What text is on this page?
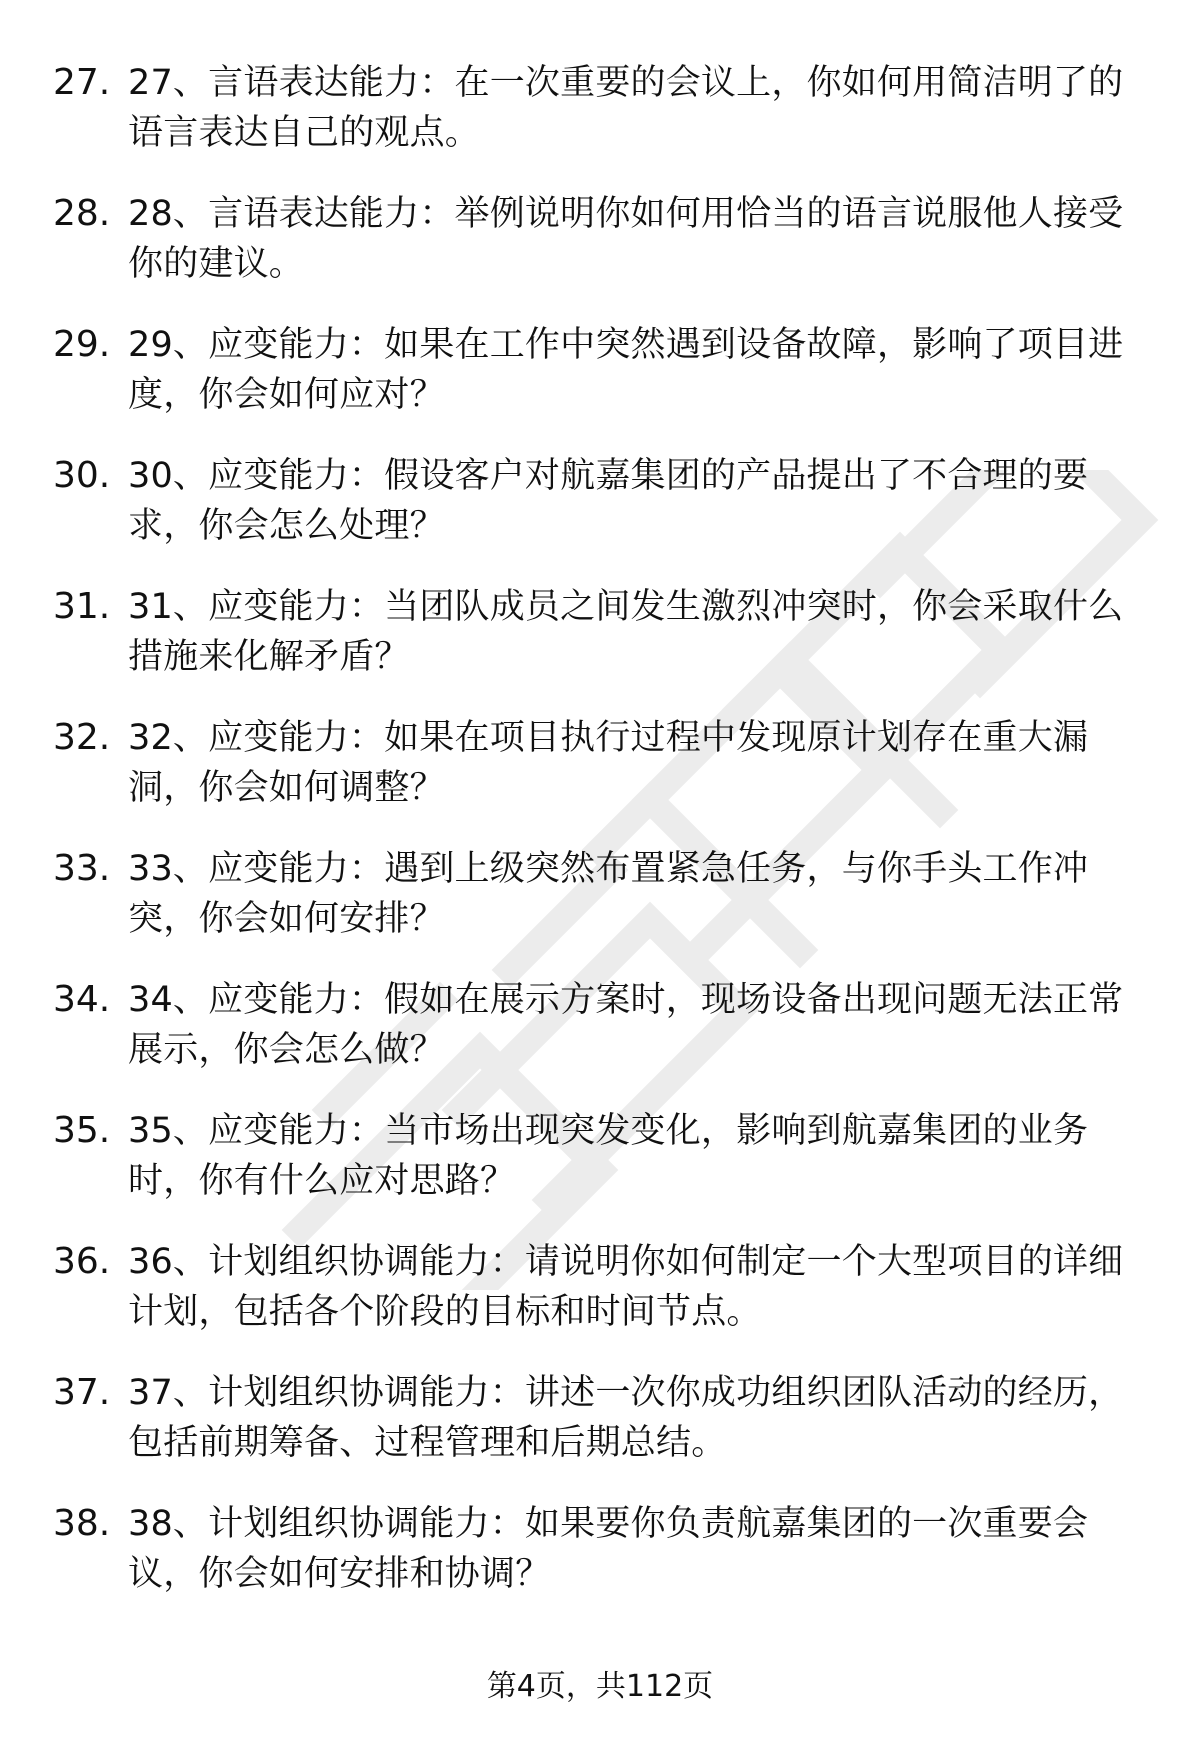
27. 27、言语表达能力：在一次重要的会议上，你如何用简洁明了的语言表达自己的观点。
28. 28、言语表达能力：举例说明你如何用恰当的语言说服他人接受你的建议。
29. 29、应变能力：如果在工作中突然遇到设备故障，影响了项目进度，你会如何应对？
30. 30、应变能力：假设客户对航嘉集团的产品提出了不合理的要求，你会怎么处理？
31. 31、应变能力：当团队成员之间发生激烈冲突时，你会采取什么措施来化解矛盾？
32. 32、应变能力：如果在项目执行过程中发现原计划存在重大漏洞，你会如何调整？
33. 33、应变能力：遇到上级突然布置紧急任务，与你手头工作冲突，你会如何安排？
34. 34、应变能力：假如在展示方案时，现场设备出现问题无法正常展示，你会怎么做？
35. 35、应变能力：当市场出现突发变化，影响到航嘉集团的业务时，你有什么应对思路？
36. 36、计划组织协调能力：请说明你如何制定一个大型项目的详细计划，包括各个阶段的目标和时间节点。
37. 37、计划组织协调能力：讲述一次你成功组织团队活动的经历，包括前期筹备、过程管理和后期总结。
38. 38、计划组织协调能力：如果要你负责航嘉集团的一次重要会议，你会如何安排和协调？
第4页，共112页
